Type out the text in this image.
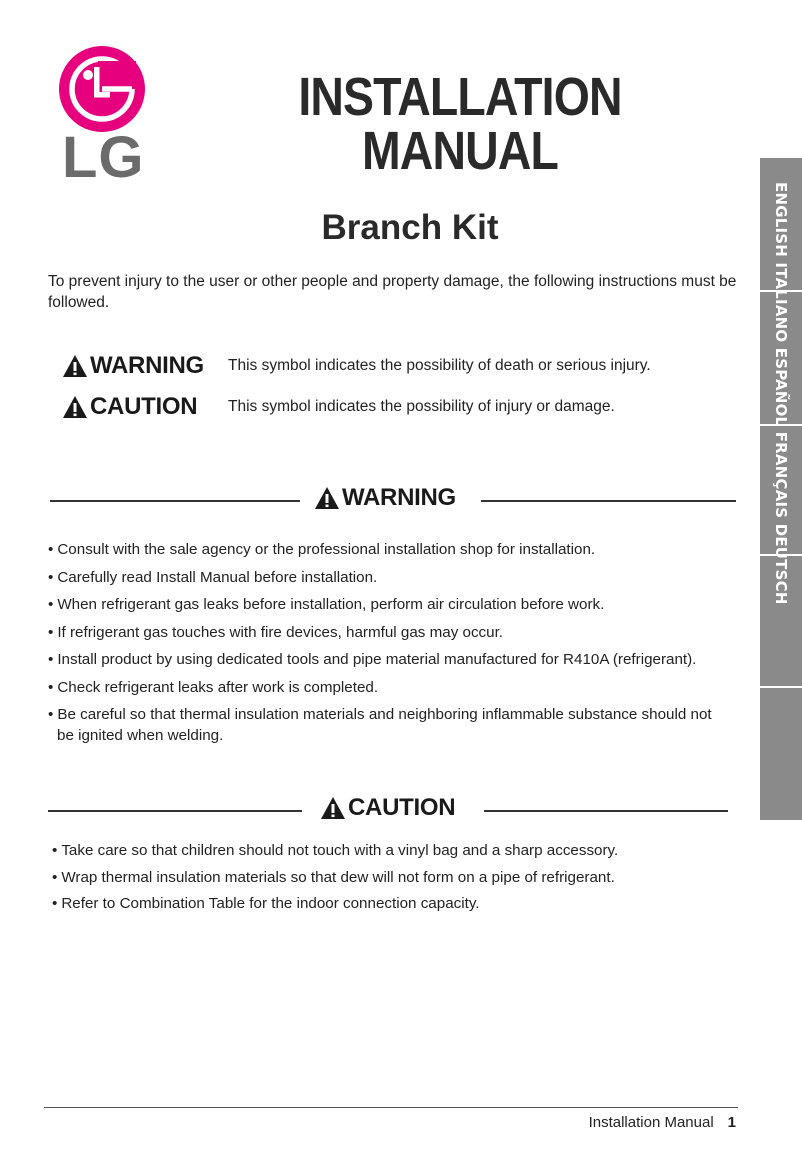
LG
INSTALLATION MANUAL
Branch Kit

To prevent injury to the user or other people and property damage, the following instructions must be followed.

WARNING This symbol indicates the possibility of death or serious injury.
CAUTION This symbol indicates the possibility of injury or damage.
WARNING
• Consult with the sale agency or the professional installation shop for installation.
• Carefully read Install Manual before installation.
• When refrigerant gas leaks before installation, perform air circulation before work.
• If refrigerant gas touches with fire devices, harmful gas may occur.
• Install product by using dedicated tools and pipe material manufactured for R410A (refrigerant).
• Check refrigerant leaks after work is completed.
• Be careful so that thermal insulation materials and neighboring inflammable substance should not be ignited when welding.
CAUTION
• Take care so that children should not touch with a vinyl bag and a sharp accessory.
• Wrap thermal insulation materials so that dew will not form on a pipe of refrigerant.
• Refer to Combination Table for the indoor connection capacity.
ENGLISH ITALIANO ESPAÑOL FRANÇAIS DEUTSCH
Installation Manual 1
